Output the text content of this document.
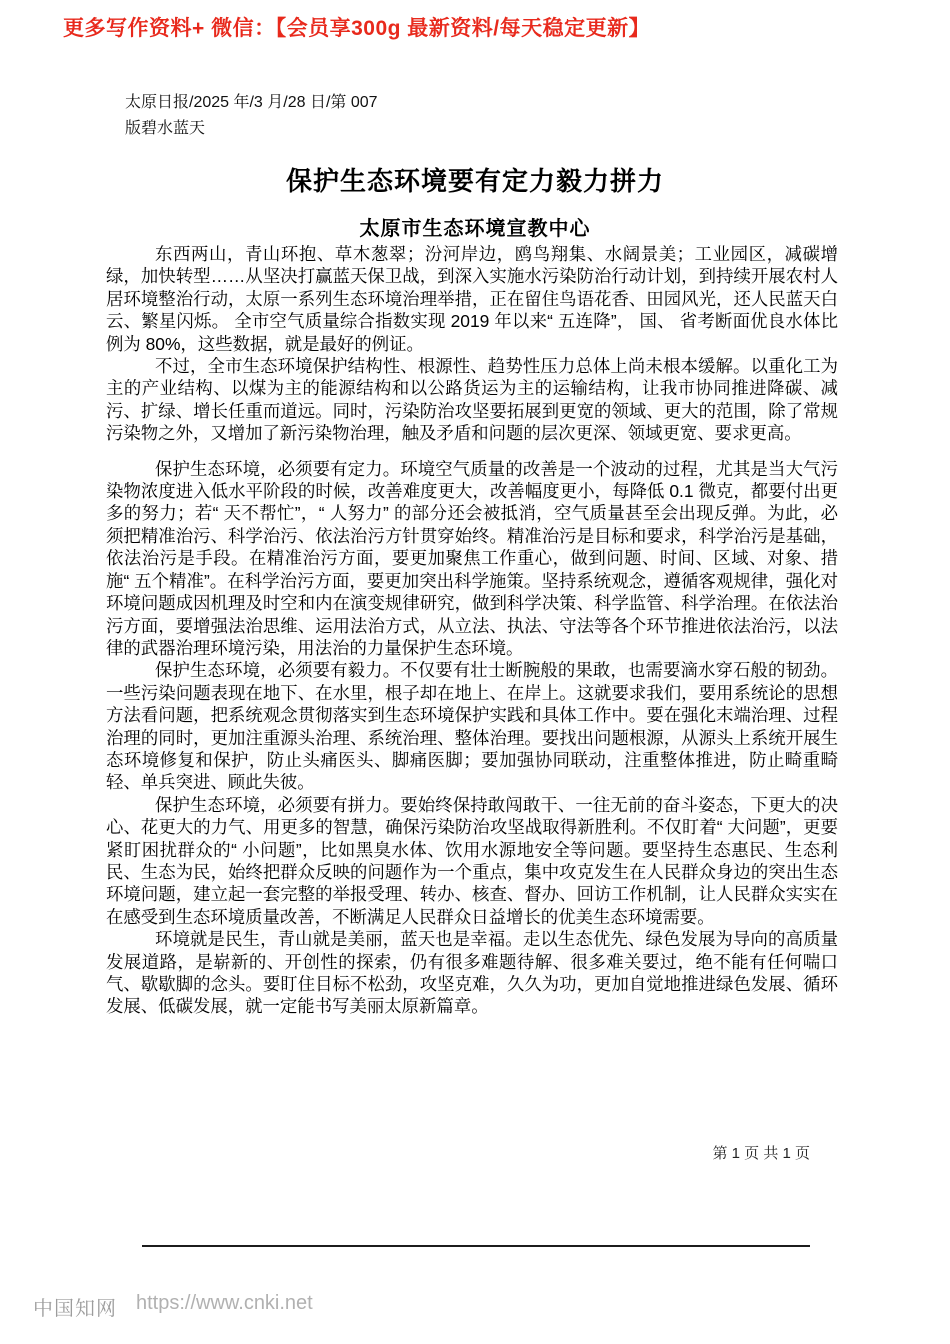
更多写作资料+ 微信：【会员享300g 最新资料/每天稳定更新】
太原日报/2025 年/3 月/28 日/第 007
版碧水蓝天
保护生态环境要有定力毅力拼力
太原市生态环境宣教中心

东西两山，青山环抱、草木葱翠；汾河岸边，鸥鸟翔集、水阔景美；工业园区，减碳增绿，加快转型……从坚决打赢蓝天保卫战，到深入实施水污染防治行动计划，到持续开展农村人居环境整治行动，太原一系列生态环境治理举措，正在留住鸟语花香、田园风光，还人民蓝天白云、繁星闪烁。 全市空气质量综合指数实现 2019 年以来“ 五连降”， 国、 省考断面优良水体比例为 80%，这些数据，就是最好的例证。

不过，全市生态环境保护结构性、根源性、趋势性压力总体上尚未根本缓解。以重化工为主的产业结构、以煤为主的能源结构和以公路货运为主的运输结构，让我市协同推进降碳、减污、扩绿、增长任重而道远。同时，污染防治攻坚要拓展到更宽的领域、更大的范围，除了常规污染物之外，又增加了新污染物治理，触及矛盾和问题的层次更深、领域更宽、要求更高。

保护生态环境，必须要有定力。环境空气质量的改善是一个波动的过程，尤其是当大气污染物浓度进入低水平阶段的时候，改善难度更大，改善幅度更小，每降低 0.1 微克，都要付出更多的努力；若“ 天不帮忙”，“ 人努力” 的部分还会被抵消，空气质量甚至会出现反弹。为此，必须把精准治污、科学治污、依法治污方针贯穿始终。精准治污是目标和要求，科学治污是基础，依法治污是手段。在精准治污方面，要更加聚焦工作重心，做到问题、时间、区域、对象、措施“ 五个精准”。在科学治污方面，要更加突出科学施策。坚持系统观念，遵循客观规律，强化对环境问题成因机理及时空和内在演变规律研究，做到科学决策、科学监管、科学治理。在依法治污方面，要增强法治思维、运用法治方式，从立法、执法、守法等各个环节推进依法治污，以法律的武器治理环境污染，用法治的力量保护生态环境。

保护生态环境，必须要有毅力。不仅要有壮士断腕般的果敢，也需要滴水穿石般的韧劲。一些污染问题表现在地下、在水里，根子却在地上、在岸上。这就要求我们，要用系统论的思想方法看问题，把系统观念贯彻落实到生态环境保护实践和具体工作中。要在强化末端治理、过程治理的同时，更加注重源头治理、系统治理、整体治理。要找出问题根源，从源头上系统开展生态环境修复和保护，防止头痛医头、脚痛医脚；要加强协同联动，注重整体推进，防止畸重畸轻、单兵突进、顾此失彼。

保护生态环境，必须要有拼力。要始终保持敢闯敢干、一往无前的奋斗姿态，下更大的决心、花更大的力气、用更多的智慧，确保污染防治攻坚战取得新胜利。不仅盯着“ 大问题”，更要紧盯困扰群众的“ 小问题”，比如黑臭水体、饮用水源地安全等问题。要坚持生态惠民、生态利民、生态为民，始终把群众反映的问题作为一个重点，集中攻克发生在人民群众身边的突出生态环境问题，建立起一套完整的举报受理、转办、核查、督办、回访工作机制，让人民群众实实在在感受到生态环境质量改善，不断满足人民群众日益增长的优美生态环境需要。

环境就是民生，青山就是美丽，蓝天也是幸福。走以生态优先、绿色发展为导向的高质量发展道路，是崭新的、开创性的探索，仍有很多难题待解、很多难关要过，绝不能有任何喘口气、歇歇脚的念头。要盯住目标不松劲，攻坚克难，久久为功，更加自觉地推进绿色发展、循环发展、低碳发展，就一定能书写美丽太原新篇章。

第 1 页 共 1 页
中国知网 https://www.cnki.net
